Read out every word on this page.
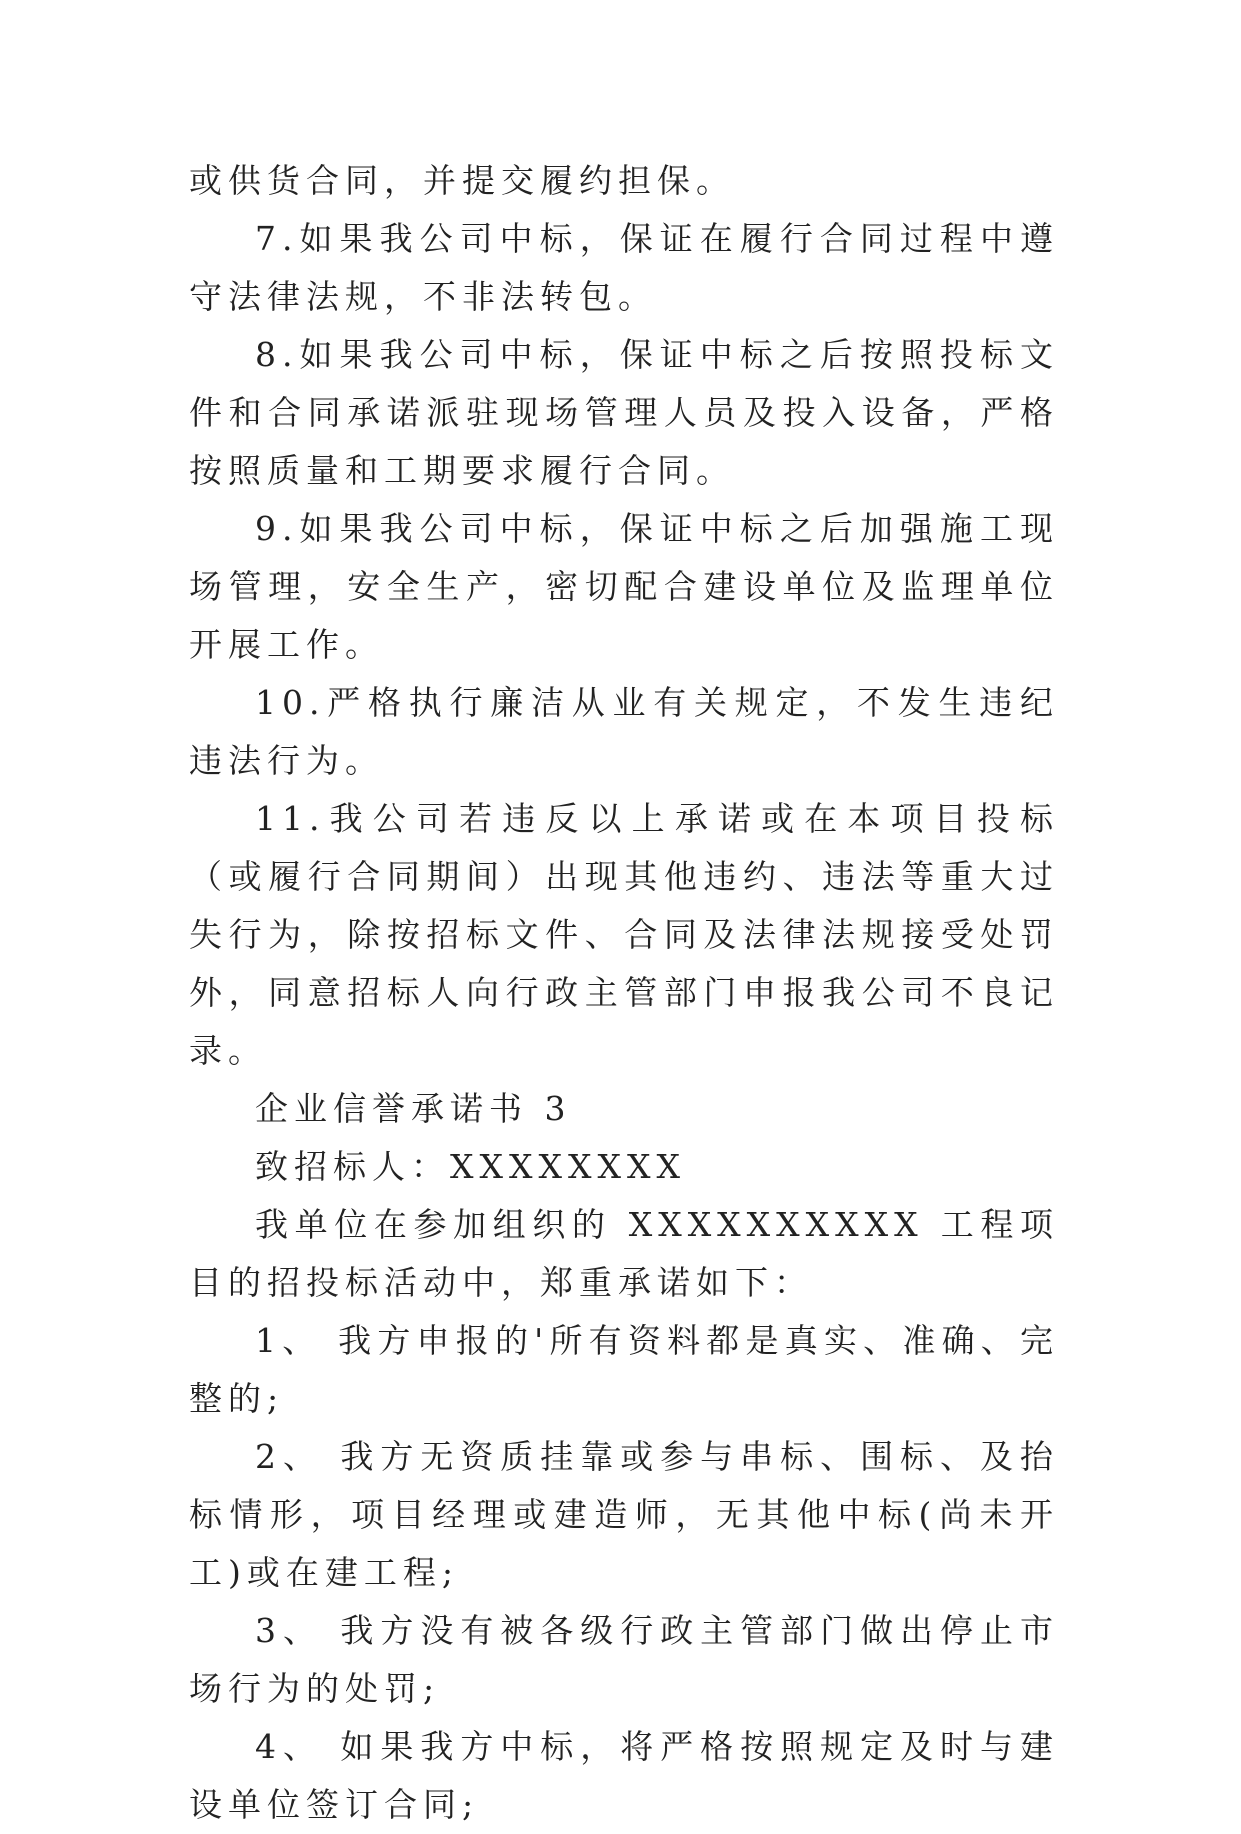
或供货合同，并提交履约担保。

7.如果我公司中标，保证在履行合同过程中遵守法律法规，不非法转包。

8.如果我公司中标，保证中标之后按照投标文件和合同承诺派驻现场管理人员及投入设备，严格按照质量和工期要求履行合同。

9.如果我公司中标，保证中标之后加强施工现场管理，安全生产，密切配合建设单位及监理单位开展工作。

10.严格执行廉洁从业有关规定，不发生违纪违法行为。

11.我公司若违反以上承诺或在本项目投标（或履行合同期间）出现其他违约、违法等重大过失行为，除按招标文件、合同及法律法规接受处罚外，同意招标人向行政主管部门申报我公司不良记录。

企业信誉承诺书 3

致招标人：XXXXXXXX

我单位在参加组织的 XXXXXXXXXX 工程项目的招投标活动中，郑重承诺如下：

1、 我方申报的'所有资料都是真实、准确、完整的;

2、 我方无资质挂靠或参与串标、围标、及抬标情形，项目经理或建造师，无其他中标(尚未开工)或在建工程;

3、 我方没有被各级行政主管部门做出停止市场行为的处罚;

4、 如果我方中标，将严格按照规定及时与建设单位签订合同;
